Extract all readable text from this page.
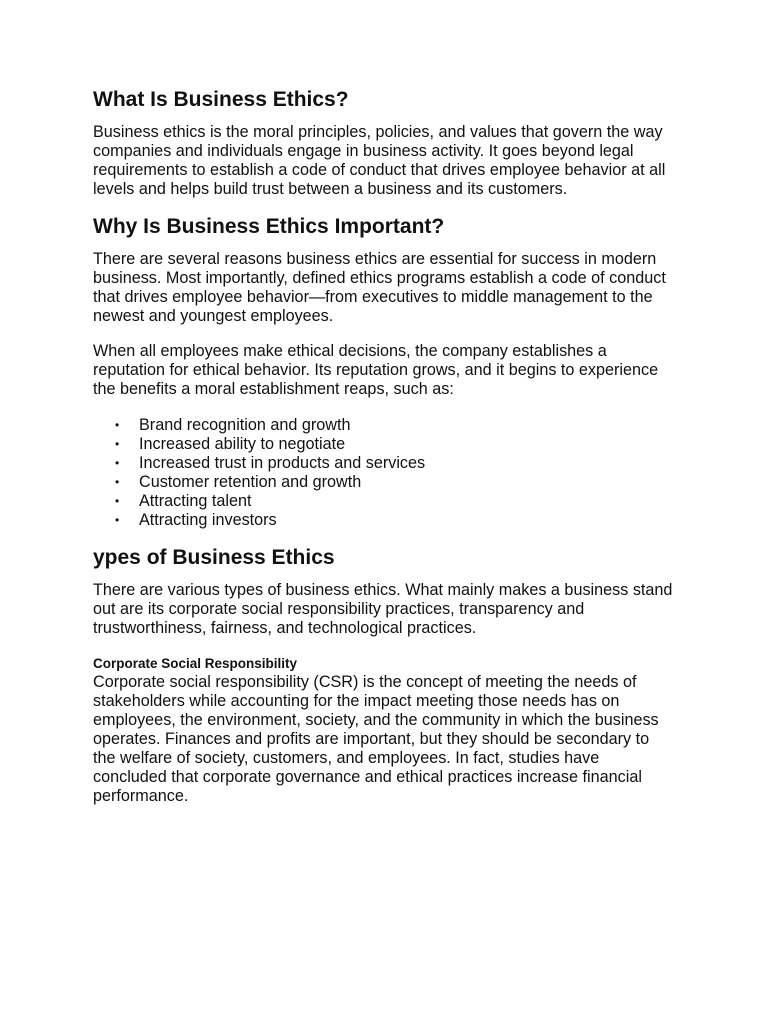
What Is Business Ethics?

Business ethics is the moral principles, policies, and values that govern the way companies and individuals engage in business activity. It goes beyond legal requirements to establish a code of conduct that drives employee behavior at all levels and helps build trust between a business and its customers.

Why Is Business Ethics Important?

There are several reasons business ethics are essential for success in modern business. Most importantly, defined ethics programs establish a code of conduct that drives employee behavior—from executives to middle management to the newest and youngest employees.

When all employees make ethical decisions, the company establishes a reputation for ethical behavior. Its reputation grows, and it begins to experience the benefits a moral establishment reaps, such as:

• Brand recognition and growth
• Increased ability to negotiate
• Increased trust in products and services
• Customer retention and growth
• Attracting talent
• Attracting investors
ypes of Business Ethics

There are various types of business ethics. What mainly makes a business stand out are its corporate social responsibility practices, transparency and trustworthiness, fairness, and technological practices.

Corporate Social Responsibility

Corporate social responsibility (CSR) is the concept of meeting the needs of stakeholders while accounting for the impact meeting those needs has on employees, the environment, society, and the community in which the business operates. Finances and profits are important, but they should be secondary to the welfare of society, customers, and employees. In fact, studies have concluded that corporate governance and ethical practices increase financial performance.
